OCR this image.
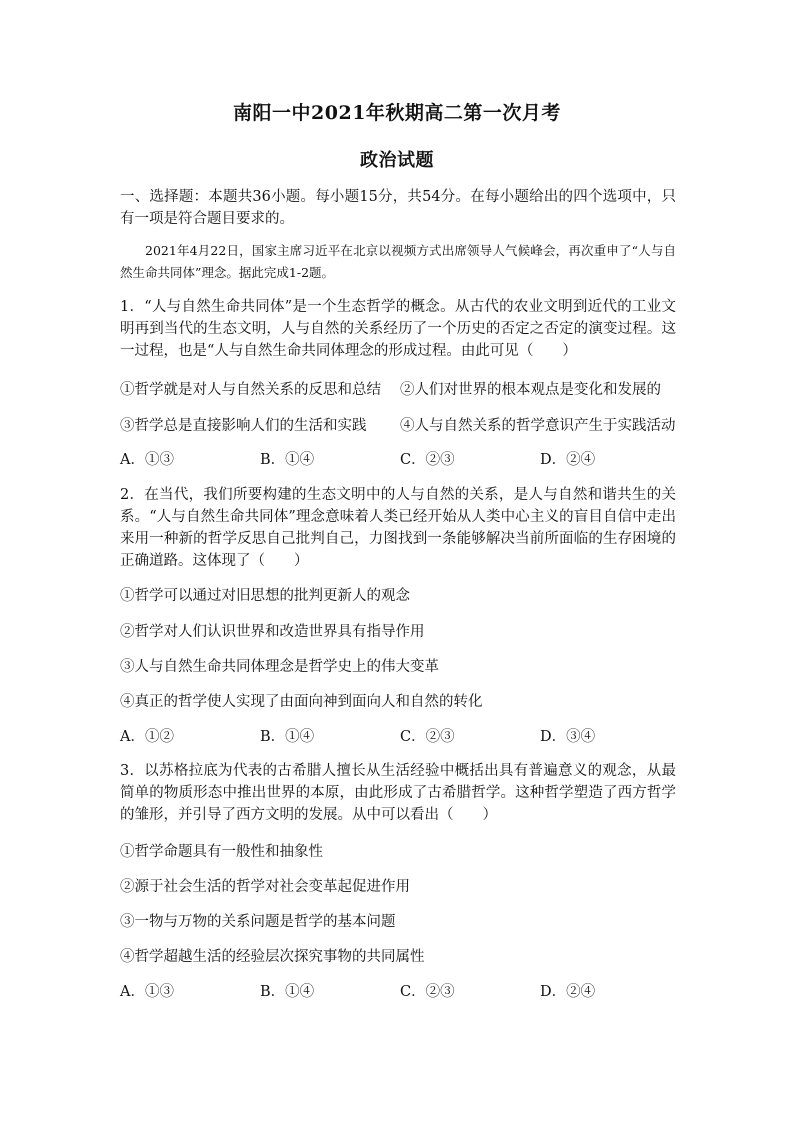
南阳一中2021年秋期高二第一次月考
政治试题
一、选择题：本题共36小题。每小题15分，共54分。在每小题给出的四个选项中，只有一项是符合题目要求的。
2021年4月22日，国家主席习近平在北京以视频方式出席领导人气候峰会，再次重申了“人与自然生命共同体”理念。据此完成1-2题。
1．“人与自然生命共同体”是一个生态哲学的概念。从古代的农业文明到近代的工业文明再到当代的生态文明，人与自然的关系经历了一个历史的否定之否定的演变过程。这一过程，也是“人与自然生命共同体理念的形成过程。由此可见（　　）
①哲学就是对人与自然关系的反思和总结 ②人们对世界的根本观点是变化和发展的
③哲学总是直接影响人们的生活和实践 ④人与自然关系的哲学意识产生于实践活动
A．①③	B．①④	C．②③	D．②④
2．在当代，我们所要构建的生态文明中的人与自然的关系，是人与自然和谐共生的关系。“人与自然生命共同体”理念意味着人类已经开始从人类中心主义的盲目自信中走出来用一种新的哲学反思自己批判自己，力图找到一条能够解决当前所面临的生存困境的正确道路。这体现了（　　）
①哲学可以通过对旧思想的批判更新人的观念
②哲学对人们认识世界和改造世界具有指导作用
③人与自然生命共同体理念是哲学史上的伟大变革
④真正的哲学使人实现了由面向神到面向人和自然的转化
A．①②	B．①④	C．②③	D．③④
3．以苏格拉底为代表的古希腊人擅长从生活经验中概括出具有普遍意义的观念，从最简单的物质形态中推出世界的本原，由此形成了古希腊哲学。这种哲学塑造了西方哲学的雏形，并引导了西方文明的发展。从中可以看出（　　）
①哲学命题具有一般性和抽象性
②源于社会生活的哲学对社会变革起促进作用
③一物与万物的关系问题是哲学的基本问题
④哲学超越生活的经验层次探究事物的共同属性
A．①③	B．①④	C．②③	D．②④
